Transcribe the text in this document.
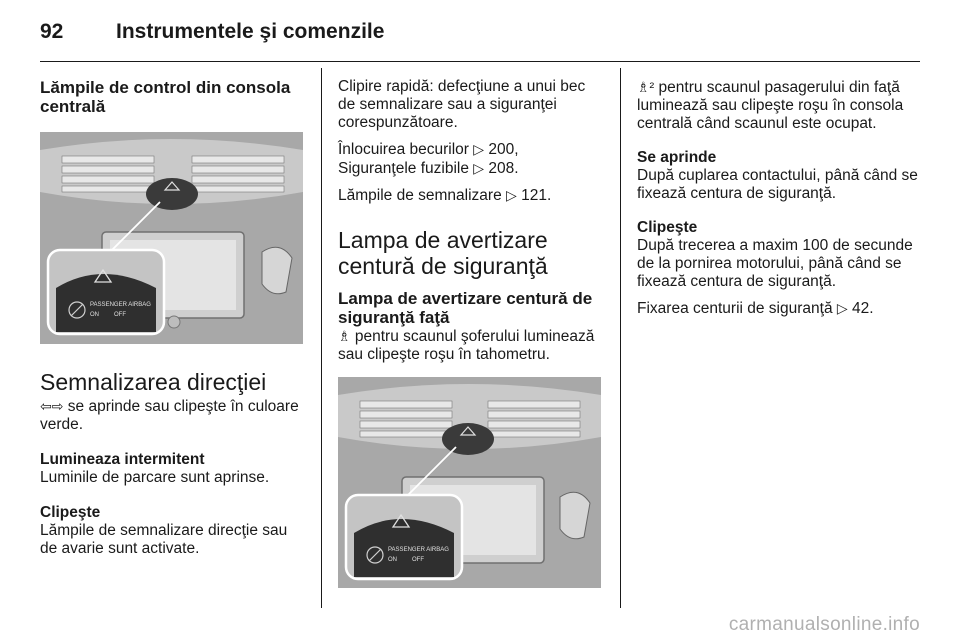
92	Instrumentele şi comenzile
Lămpile de control din consola centrală
PASSENGER AIRBAG
ON	OFF
Semnalizarea direcţiei

⇦⇨ se aprinde sau clipeşte în culoare verde.

Lumineaza intermitent

Luminile de parcare sunt aprinse.

Clipeşte

Lămpile de semnalizare direcţie sau de avarie sunt activate.

Clipire rapidă: defecţiune a unui bec de semnalizare sau a siguranţei corespunzătoare.

Înlocuirea becurilor ▷ 200,
Siguranţele fuzibile ▷ 208.

Lămpile de semnalizare ▷ 121.

Lampa de avertizare centură de siguranţă
Lampa de avertizare centură de siguranţă faţă

♗ pentru scaunul şoferului luminează sau clipeşte roşu în tahometru.

PASSENGER AIRBAG
ON	OFF

♗² pentru scaunul pasagerului din faţă luminează sau clipeşte roşu în consola centrală când scaunul este ocupat.

Se aprinde

După cuplarea contactului, până când se fixează centura de siguranţă.

Clipeşte

După trecerea a maxim 100 de secunde de la pornirea motorului, până când se fixează centura de siguranţă.

Fixarea centurii de siguranţă ▷ 42.

carmanualsonline.info
